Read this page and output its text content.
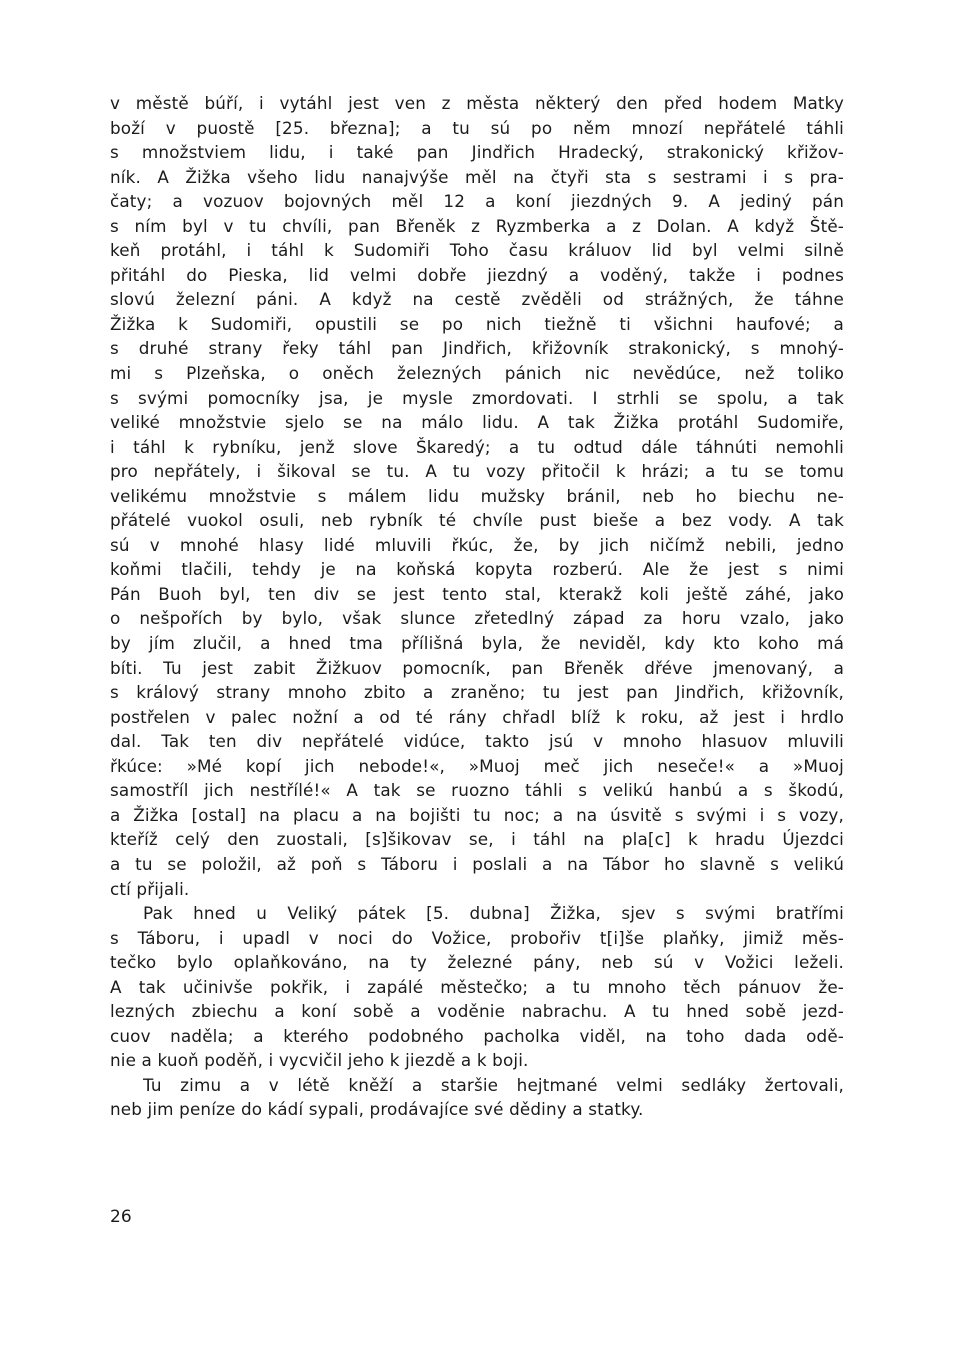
v městě búří, i vytáhl jest ven z města některý den před hodem Matky
boží v puostě [25. března]; a tu sú po něm mnozí nepřátelé táhli
s množstviem lidu, i také pan Jindřich Hradecký, strakonický křižov-
ník. A Žižka všeho lidu nanajvýše měl na čtyři sta s sestrami i s pra-
čaty; a vozuov bojovných měl 12 a koní jiezdných 9. A jediný pán
s ním byl v tu chvíli, pan Břeněk z Ryzmberka a z Dolan. A když Ště-
keň protáhl, i táhl k Sudomiři Toho času králuov lid byl velmi silně
přitáhl do Pieska, lid velmi dobře jiezdný a voděný, takže i podnes
slovú železní páni. A když na cestě zvěděli od strážných, že táhne
Žižka k Sudomiři, opustili se po nich tiežně ti všichni haufové; a
s druhé strany řeky táhl pan Jindřich, křižovník strakonický, s mnohý-
mi s Plzeňska, o oněch železných pánich nic nevědúce, než toliko
s svými pomocníky jsa, je mysle zmordovati. I strhli se spolu, a tak
veliké množstvie sjelo se na málo lidu. A tak Žižka protáhl Sudomiře,
i táhl k rybníku, jenž slove Škaredý; a tu odtud dále táhnúti nemohli
pro nepřátely, i šikoval se tu. A tu vozy přitočil k hrázi; a tu se tomu
velikému množstvie s málem lidu mužsky bránil, neb ho biechu ne-
přátelé vuokol osuli, neb rybník té chvíle pust bieše a bez vody. A tak
sú v mnohé hlasy lidé mluvili řkúc, že, by jich ničímž nebili, jedno
koňmi tlačili, tehdy je na koňská kopyta rozberú. Ale že jest s nimi
Pán Buoh byl, ten div se jest tento stal, kterakž koli ještě záhé, jako
o nešpořích by bylo, však slunce zřetedlný západ za horu vzalo, jako
by jím zlučil, a hned tma přílišná byla, že neviděl, kdy kto koho má
bíti. Tu jest zabit Žižkuov pomocník, pan Břeněk dřéve jmenovaný, a
s králový strany mnoho zbito a zraněno; tu jest pan Jindřich, křižovník,
postřelen v palec nožní a od té rány chřadl blíž k roku, až jest i hrdlo
dal. Tak ten div nepřátelé vidúce, takto jsú v mnoho hlasuov mluvili
řkúce: »Mé kopí jich nebode!«, »Muoj meč jich neseče!« a »Muoj
samostříl jich nestřílé!« A tak se ruozno táhli s velikú hanbú a s škodú,
a Žižka [ostal] na placu a na bojišti tu noc; a na úsvitě s svými i s vozy,
kteříž celý den zuostali, [s]šikovav se, i táhl na pla[c] k hradu Újezdci
a tu se položil, až poň s Táboru i poslali a na Tábor ho slavně s velikú
ctí přijali.
Pak hned u Veliký pátek [5. dubna] Žižka, sjev s svými bratřími
s Táboru, i upadl v noci do Vožice, probořiv t[i]še plaňky, jimiž měs-
tečko bylo oplaňkováno, na ty železné pány, neb sú v Vožici leželi.
A tak učinivše pokřik, i zapálé městečko; a tu mnoho těch pánuov že-
lezných zbiechu a koní sobě a voděnie nabrachu. A tu hned sobě jezd-
cuov naděla; a kterého podobného pacholka viděl, na toho dada odě-
nie a kuoň poděň, i vycvičil jeho k jiezdě a k boji.
Tu zimu a v létě kněží a staršie hejtmané velmi sedláky žertovali,
neb jim peníze do kádí sypali, prodávajíce své dědiny a statky.
26
